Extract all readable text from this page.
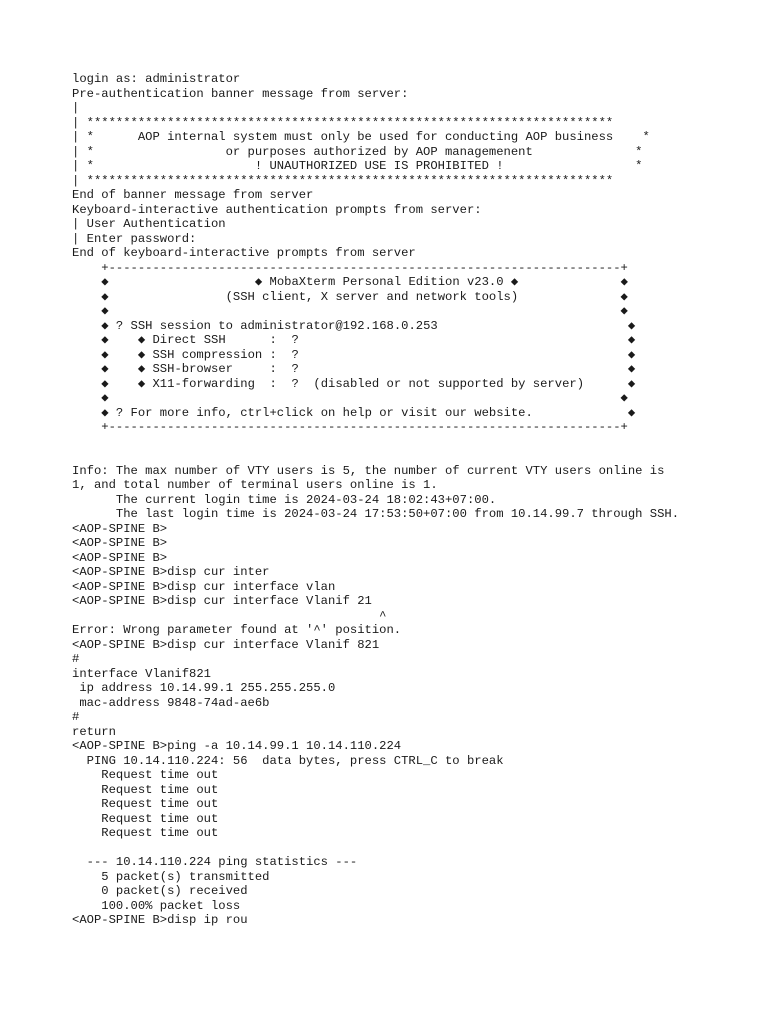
login as: administrator
Pre-authentication banner message from server:
|
| ************************************************************************
| *      AOP internal system must only be used for conducting AOP business    *
| *                  or purposes authorized by AOP managemenent              *
| *                      ! UNAUTHORIZED USE IS PROHIBITED !                  *
| ************************************************************************
End of banner message from server
Keyboard-interactive authentication prompts from server:
| User Authentication
| Enter password:
End of keyboard-interactive prompts from server
+----------------------------------------------------------------------+
◆                    ◆ MobaXterm Personal Edition v23.0 ◆              ◆
◆                (SSH client, X server and network tools)              ◆
◆                                                                      ◆
◆ ? SSH session to administrator@192.168.0.253                          ◆
◆    ◆ Direct SSH      :  ?                                             ◆
◆    ◆ SSH compression :  ?                                             ◆
◆    ◆ SSH-browser     :  ?                                             ◆
◆    ◆ X11-forwarding  :  ?  (disabled or not supported by server)      ◆
◆                                                                      ◆
◆ ? For more info, ctrl+click on help or visit our website.             ◆
+----------------------------------------------------------------------+
Info: The max number of VTY users is 5, the number of current VTY users online is
1, and total number of terminal users online is 1.
The current login time is 2024-03-24 18:02:43+07:00.
The last login time is 2024-03-24 17:53:50+07:00 from 10.14.99.7 through SSH.
<AOP-SPINE B>
<AOP-SPINE B>
<AOP-SPINE B>
<AOP-SPINE B>disp cur inter
<AOP-SPINE B>disp cur interface vlan
<AOP-SPINE B>disp cur interface Vlanif 21
^
Error: Wrong parameter found at '^' position.
<AOP-SPINE B>disp cur interface Vlanif 821
#
interface Vlanif821
ip address 10.14.99.1 255.255.255.0
mac-address 9848-74ad-ae6b
#
return
<AOP-SPINE B>ping -a 10.14.99.1 10.14.110.224
PING 10.14.110.224: 56  data bytes, press CTRL_C to break
Request time out
Request time out
Request time out
Request time out
Request time out
--- 10.14.110.224 ping statistics ---
5 packet(s) transmitted
0 packet(s) received
100.00% packet loss
<AOP-SPINE B>disp ip rou
